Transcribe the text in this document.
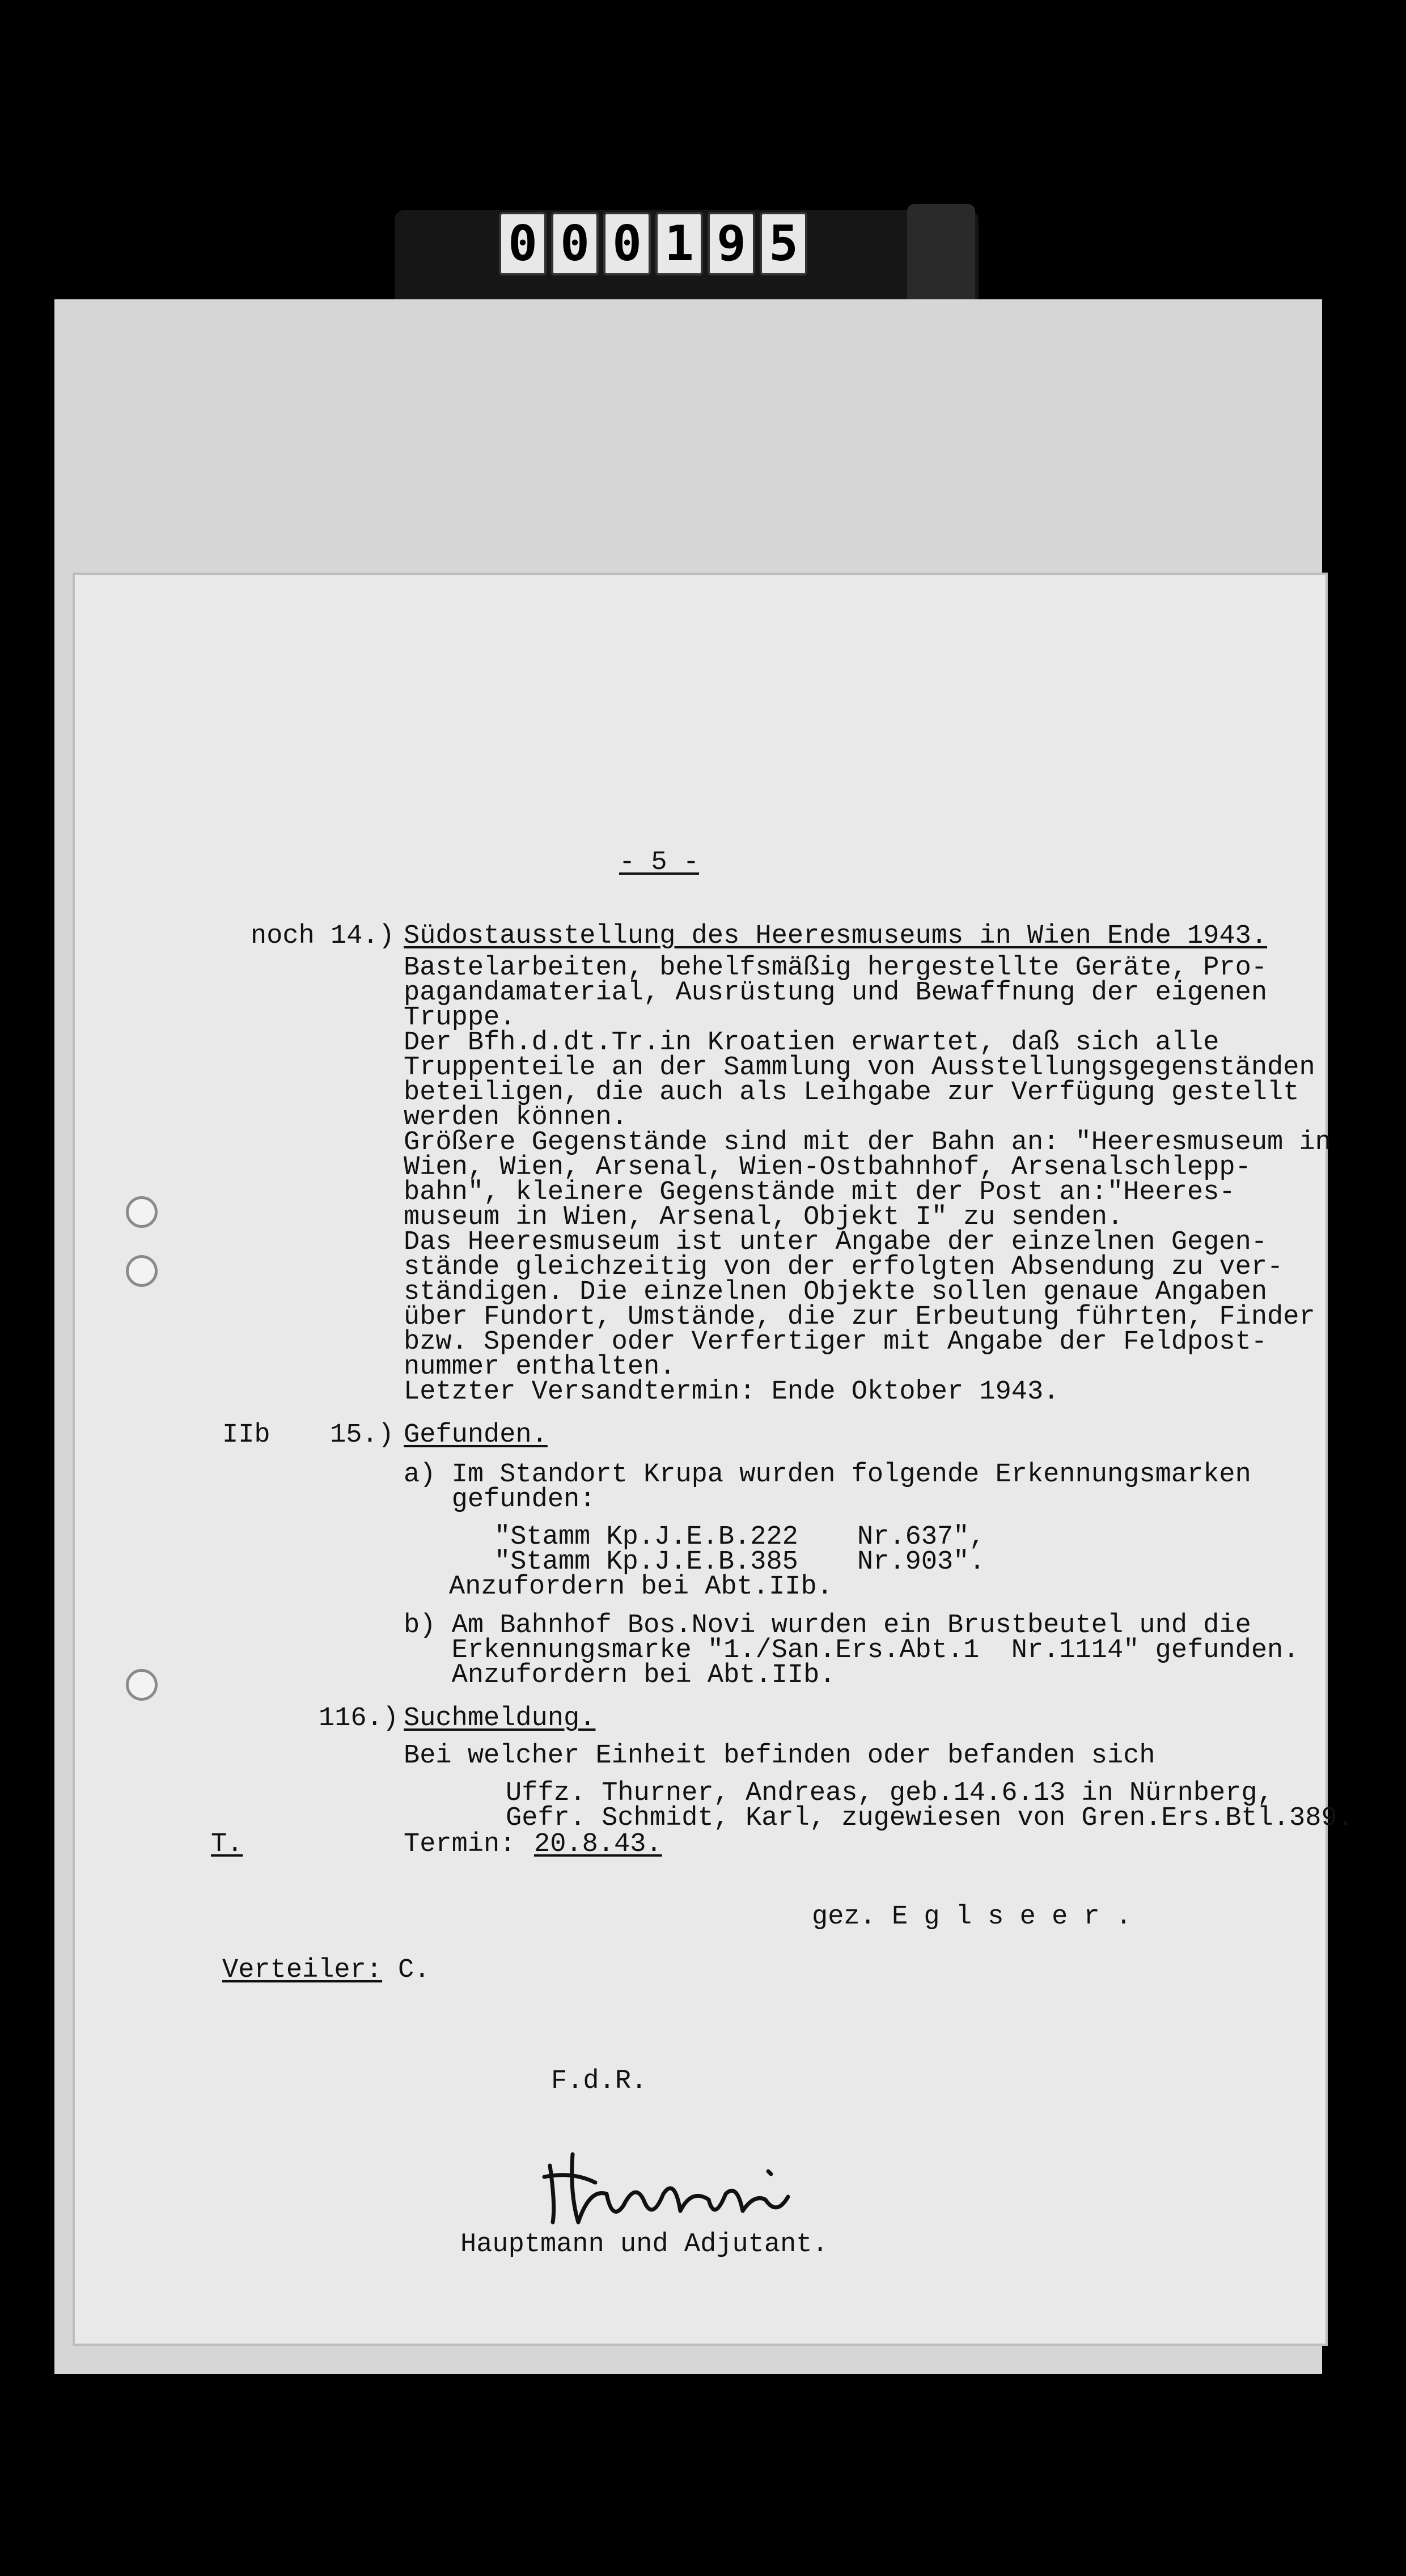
0 0 0 1 9 5
- 5 -
noch 14.) Südostausstellung des Heeresmuseums in Wien Ende 1943.
Bastelarbeiten, behelfsmäßig hergestellte Geräte, Pro-
pagandamaterial, Ausrüstung und Bewaffnung der eigenen
Truppe.
Der Bfh.d.dt.Tr.in Kroatien erwartet, daß sich alle
Truppenteile an der Sammlung von Ausstellungsgegenständen
beteiligen, die auch als Leihgabe zur Verfügung gestellt
werden können.
Größere Gegenstände sind mit der Bahn an: "Heeresmuseum in
Wien, Wien, Arsenal, Wien-Ostbahnhof, Arsenalschlepp-
bahn", kleinere Gegenstände mit der Post an:"Heeres-
museum in Wien, Arsenal, Objekt I" zu senden.
Das Heeresmuseum ist unter Angabe der einzelnen Gegen-
stände gleichzeitig von der erfolgten Absendung zu ver-
ständigen. Die einzelnen Objekte sollen genaue Angaben
über Fundort, Umstände, die zur Erbeutung führten, Finder
bzw. Spender oder Verfertiger mit Angabe der Feldpost-
nummer enthalten.
Letzter Versandtermin: Ende Oktober 1943.
IIb 15.) Gefunden.
a) Im Standort Krupa wurden folgende Erkennungsmarken
gefunden:
"Stamm Kp.J.E.B.222 Nr.637",
"Stamm Kp.J.E.B.385 Nr.903".
Anzufordern bei Abt.IIb.
b) Am Bahnhof Bos.Novi wurden ein Brustbeutel und die
Erkennungsmarke "1./San.Ers.Abt.1  Nr.1114" gefunden.
Anzufordern bei Abt.IIb.
116.) Suchmeldung.
Bei welcher Einheit befinden oder befanden sich
Uffz. Thurner, Andreas, geb.14.6.13 in Nürnberg,
Gefr. Schmidt, Karl, zugewiesen von Gren.Ers.Btl.389.
T.	Termin: 20.8.43.
gez. E g l s e e r .
Verteiler: C.
F.d.R.
Hauptmann und Adjutant.
